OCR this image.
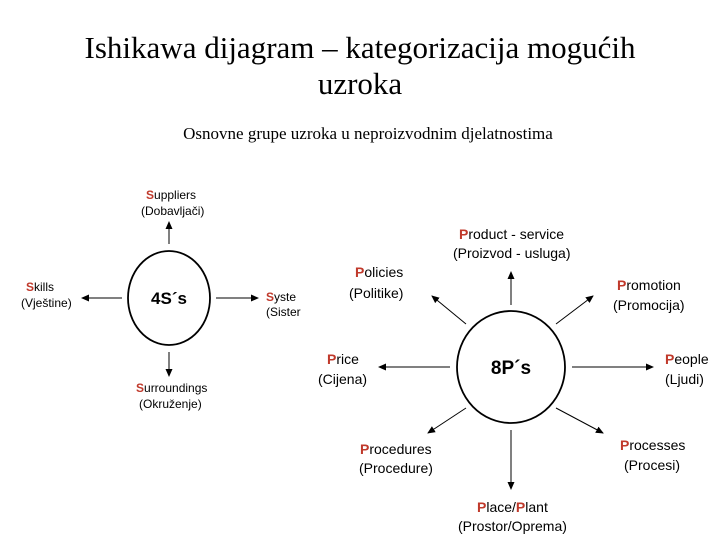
Ishikawa dijagram – kategorizacija mogućih
uzroka
Osnovne grupe uzroka u neproizvodnim djelatnostima
4S´s
Suppliers
(Dobavljači)
Skills
(Vještine)	Syste
(Sister
Surroundings
(Okruženje)
8P´s
Product - service
(Proizvod - usluga)
Policies
(Politike)	Promotion
(Promocija)
Price
(Cijena)
People
(Ljudi)
Procedures
(Procedure)
Processes
(Procesi)
Place/Plant
(Prostor/Oprema)
